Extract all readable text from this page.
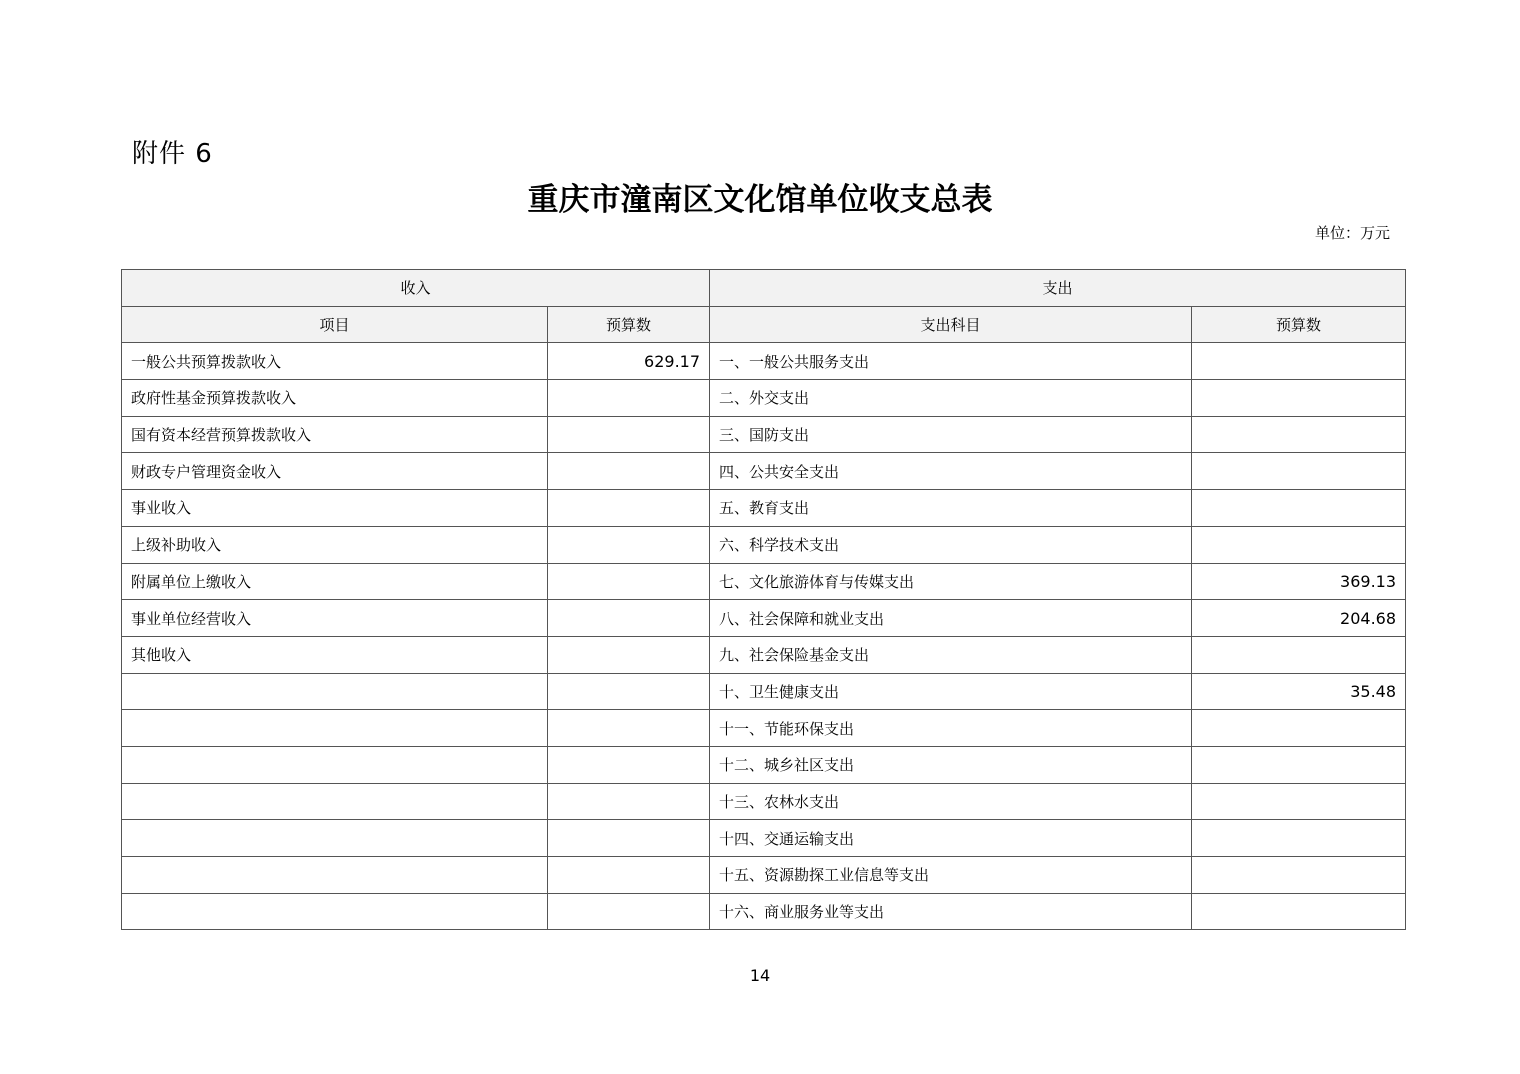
附件 6
重庆市潼南区文化馆单位收支总表
单位：万元
收入		支出	
项目	预算数	支出科目	预算数
一般公共预算拨款收入	629.17	一、一般公共服务支出	
政府性基金预算拨款收入		二、外交支出	
国有资本经营预算拨款收入		三、国防支出	
财政专户管理资金收入		四、公共安全支出	
事业收入		五、教育支出	
上级补助收入		六、科学技术支出	
附属单位上缴收入		七、文化旅游体育与传媒支出	369.13
事业单位经营收入		八、社会保障和就业支出	204.68
其他收入		九、社会保险基金支出	
		十、卫生健康支出	35.48
		十一、节能环保支出	
		十二、城乡社区支出	
		十三、农林水支出	
		十四、交通运输支出	
		十五、资源勘探工业信息等支出	
		十六、商业服务业等支出	
14
